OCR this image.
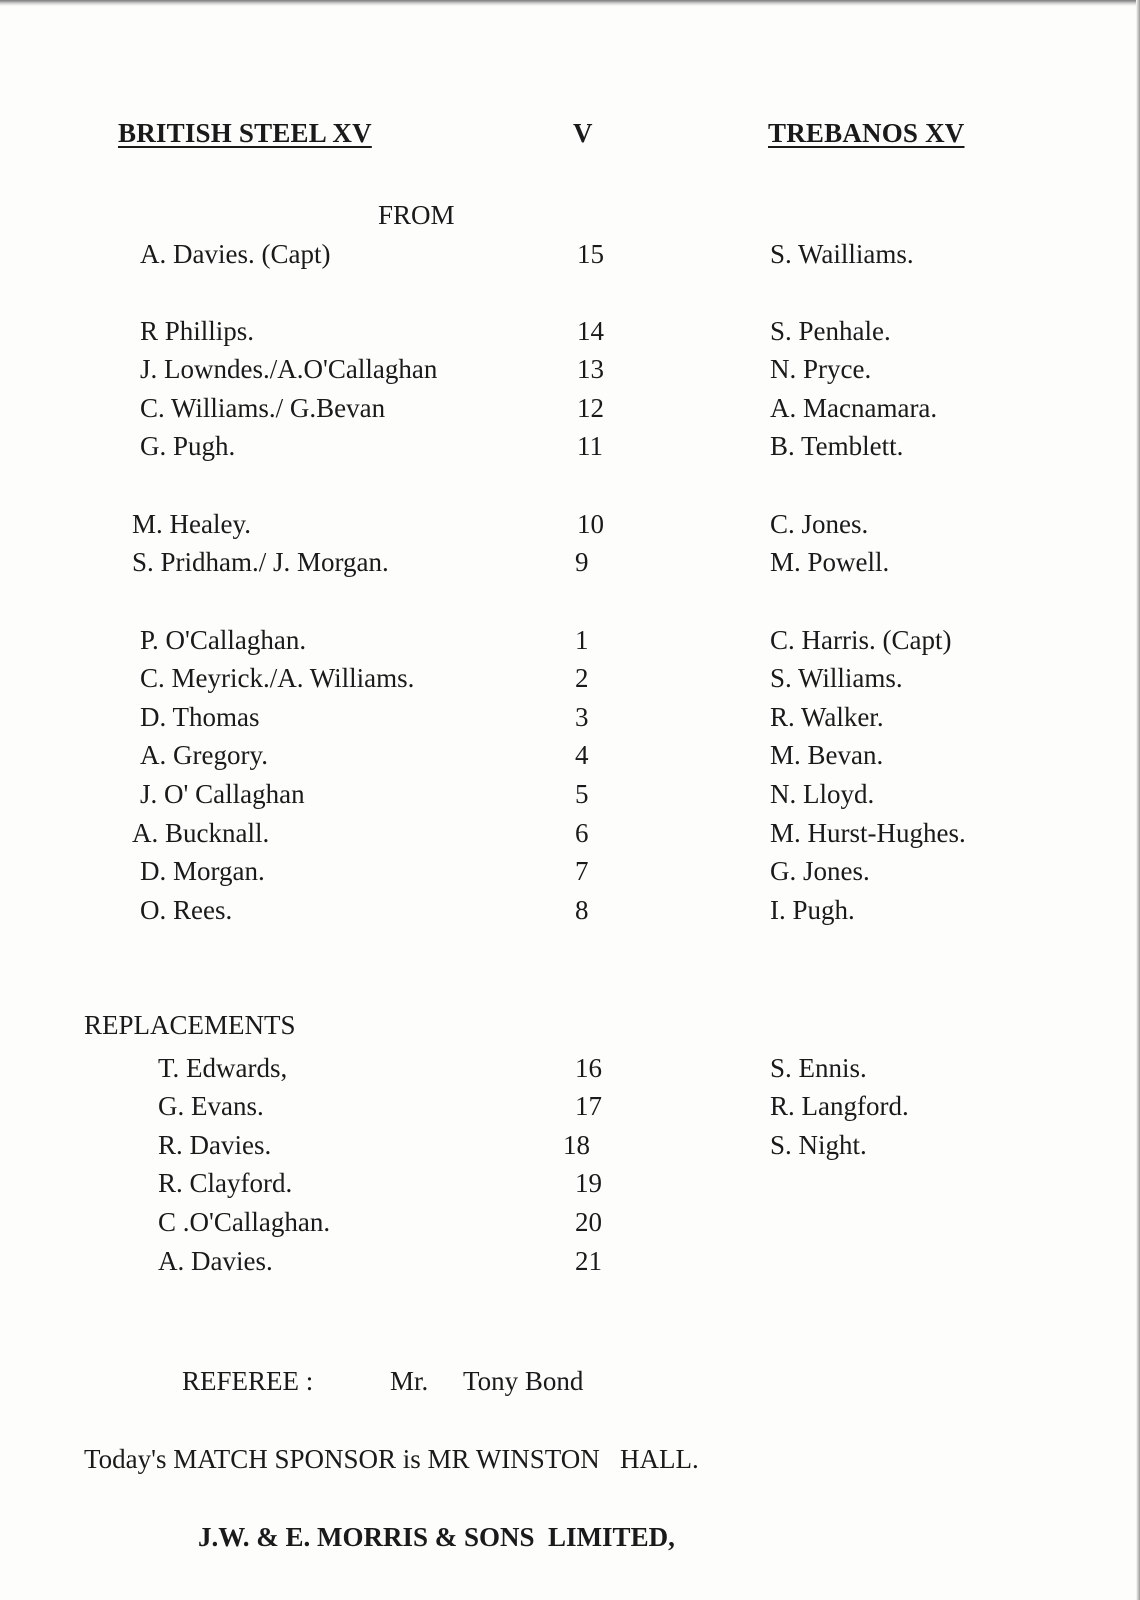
BRITISH STEEL XV	V	TREBANOS XV
FROM
A. Davies. (Capt)	15	S. Wailliams.
R Phillips.	14	S. Penhale.
J. Lowndes./A.O'Callaghan	13	N. Pryce.
C. Williams./ G.Bevan	12	A. Macnamara.
G. Pugh.	11	B. Temblett.
M. Healey.	10	C. Jones.
S. Pridham./ J. Morgan.	9	M. Powell.
P. O'Callaghan.	1	C. Harris. (Capt)
C. Meyrick./A. Williams.	2	S. Williams.
D. Thomas	3	R. Walker.
A. Gregory.	4	M. Bevan.
J. O' Callaghan	5	N. Lloyd.
A. Bucknall.	6	M. Hurst-Hughes.
D. Morgan.	7	G. Jones.
O. Rees.	8	I. Pugh.
REPLACEMENTS
T. Edwards,	16	S. Ennis.
G. Evans.	17	R. Langford.
R. Davies.	18	S. Night.
R. Clayford.	19
C .O'Callaghan.	20
A. Davies.	21
REFEREE :	Mr. Tony Bond
Today's MATCH SPONSOR is MR WINSTON   HALL.
J.W. & E. MORRIS & SONS  LIMITED,
